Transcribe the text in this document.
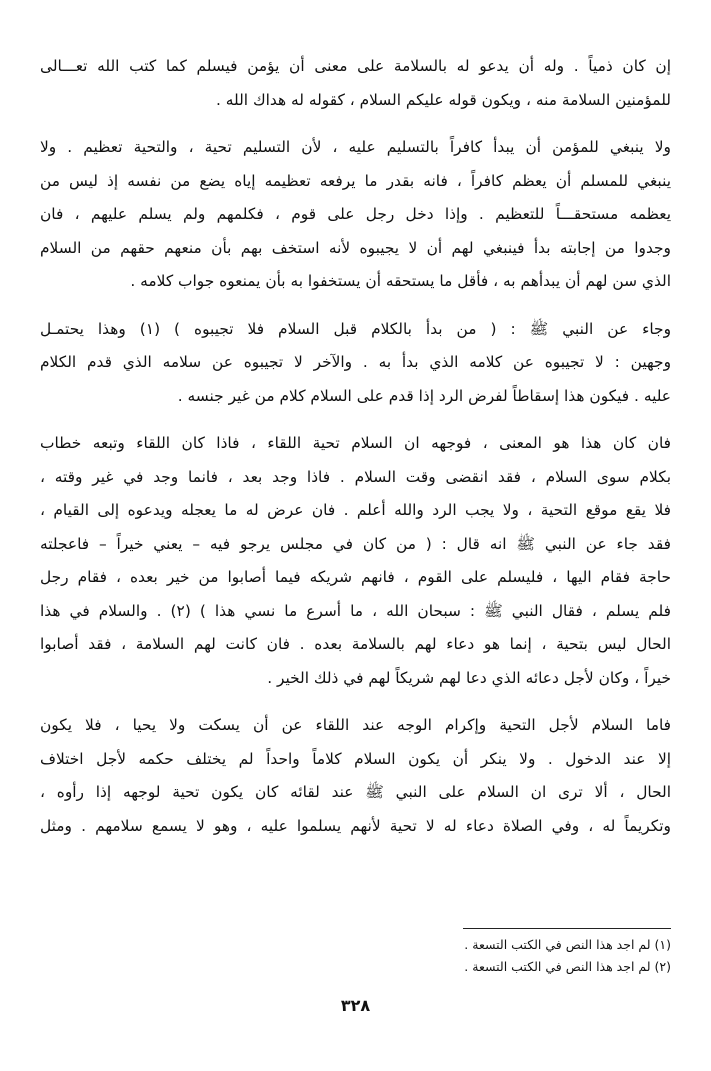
إن كان ذمياً . وله أن يدعو له بالسلامة على معنى أن يؤمن فيسلم كما كتب الله تعـــالى
للمؤمنين السلامة منه ، ويكون قوله عليكم السلام ، كقوله له هداك الله .
ولا ينبغي للمؤمن أن يبدأ كافراً بالتسليم عليه ، لأن التسليم تحية ، والتحية تعظيم . ولا
ينبغي للمسلم أن يعظم كافراً ، فانه بقدر ما يرفعه تعظيمه إياه يضع من نفسه إذ ليس من
يعظمه مستحقـــاً للتعظيم . وإذا دخل رجل على قوم ، فكلمهم ولم يسلم عليهم ، فان
وجدوا من إجابته بدأ فينبغي لهم أن لا يجيبوه لأنه استخف بهم بأن منعهم حقهم من السلام
الذي سن لهم أن يبدأهم به ، فأقل ما يستحقه أن يستخفوا به بأن يمنعوه جواب كلامه .
وجاء عن النبي ﷺ : ( من بدأ بالكلام قبل السلام فلا تجيبوه ) (١) وهذا يحتمـل
وجهين : لا تجيبوه عن كلامه الذي بدأ به . والآخر لا تجيبوه عن سلامه الذي قدم الكلام
عليه . فيكون هذا إسقاطاً لفرض الرد إذا قدم على السلام كلام من غير جنسه .
فان كان هذا هو المعنى ، فوجهه ان السلام تحية اللقاء ، فاذا كان اللقاء وتبعه خطاب
بكلام سوى السلام ، فقد انقضى وقت السلام . فاذا وجد بعد ، فانما وجد في غير وقته ،
فلا يقع موقع التحية ، ولا يجب الرد والله أعلم . فان عرض له ما يعجله ويدعوه إلى القيام ،
فقد جاء عن النبي ﷺ انه قال : ( من كان في مجلس يرجو فيه – يعني خيراً – فاعجلته
حاجة فقام اليها ، فليسلم على القوم ، فانهم شريكه فيما أصابوا من خير بعده ، فقام رجل
فلم يسلم ، فقال النبي ﷺ : سبحان الله ، ما أسرع ما نسي هذا ) (٢) . والسلام في هذا
الحال ليس بتحية ، إنما هو دعاء لهم بالسلامة بعده . فان كانت لهم السلامة ، فقد أصابوا
خيراً ، وكان لأجل دعائه الذي دعا لهم شريكاً لهم في ذلك الخير .
فاما السلام لأجل التحية وإكرام الوجه عند اللقاء عن أن يسكت ولا يحيا ، فلا يكون
إلا عند الدخول . ولا ينكر أن يكون السلام كلاماً واحداً لم يختلف حكمه لأجل اختلاف
الحال ، ألا ترى ان السلام على النبي ﷺ عند لقائه كان يكون تحية لوجهه إذا رأوه ،
وتكريماً له ، وفي الصلاة دعاء له لا تحية لأنهم يسلموا عليه ، وهو لا يسمع سلامهم . ومثل
(١) لم اجد هذا النص في الكتب التسعة .
(٢) لم اجد هذا النص في الكتب التسعة .
٣٢٨
